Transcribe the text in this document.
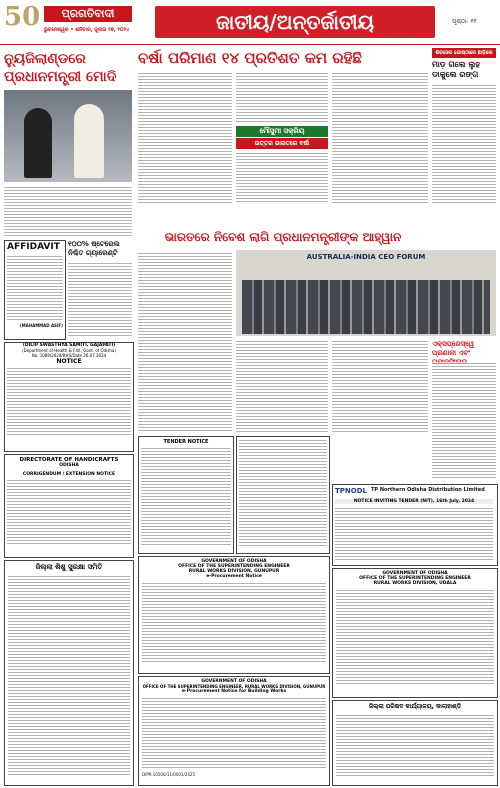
50	ପ୍ରଗତିବାଦୀ
ଭୁବନେଶ୍ୱର • ଶନିବାର, ଜୁଲାଇ ୨୭, ୨୦୨୪	ଜାତୀୟ/ଅନ୍ତର୍ଜାତୀୟ	ପୃଷ୍ଠା- ୧୧
ନ୍ୟୁଜିଲାଣ୍ଡରେ ପ୍ରଧାନମନ୍ତ୍ରୀ ମୋଦି
AFFIDAVIT
(MAHAMMAD ASIF)
୧୦୦% ଷ୍ଟେରେଲ ନିଶ୍ଚିତ ଗ୍ୟାରେଣ୍ଟି
(DILIP SWASTHYA SAMITI, GAJAPATI)
(Department of Health & F.W., Govt. of Odisha)
No. 1089/2024/RHS/Date 26.07.2024
NOTICE
DIRECTORATE OF HANDICRAFTS
ODISHA
CORRIGENDUM / EXTENSION NOTICE
ଜିଲ୍ଲା ଶିଶୁ ସୁରକ୍ଷା ସମିତି
ବର୍ଷା ପରିମାଣ ୧୪ ପ୍ରତିଶତ କମ ରହିଛି
ମୌସୁମୀ ସକ୍ରିୟ
ଉତ୍ତର ଭାରତରେ ବର୍ଷା
ଶିବସେନା ଗୋଷ୍ଠୀରେ ଛାଡ଼ିଲେ
ମାଡ଼ ଗଲେ ଲୁହ ଡାକୁଲେ ରଙ୍ଗ
ଭାରତରେ ନିବେଶ ଲାଗି ପ୍ରଧାନମନ୍ତ୍ରୀଙ୍କ ଆହ୍ୱାନ
AUSTRALIA-INDIA CEO FORUM
ଏକ୍ସପ୍ରେସ୍‌ୱେ ପ୍ରଣାଳୀ ଏବଂ
TENDER NOTICE
TPNODL TP Northern Odisha Distribution Limited
NOTICE INVITING TENDER (NIT), 16th July, 2024
GOVERNMENT OF ODISHA
OFFICE OF THE SUPERINTENDING ENGINEER
RURAL WORKS DIVISION, GUNUPUR
e-Procurement Notice
GOVERNMENT OF ODISHA
OFFICE OF THE SUPERINTENDING ENGINEER
RURAL WORKS DIVISION, UDALA
GOVERNMENT OF ODISHA
OFFICE OF THE SUPERINTENDING ENGINEER, RURAL WORKS DIVISION, GUNUPUR
e-Procurement Notice for Building Works
OIPR-10500/11/0001/2425
ଜିଲ୍ଲା ପରିଷଦ କାର୍ଯ୍ୟାଳୟ, କାଲାହାଣ୍ଡି
